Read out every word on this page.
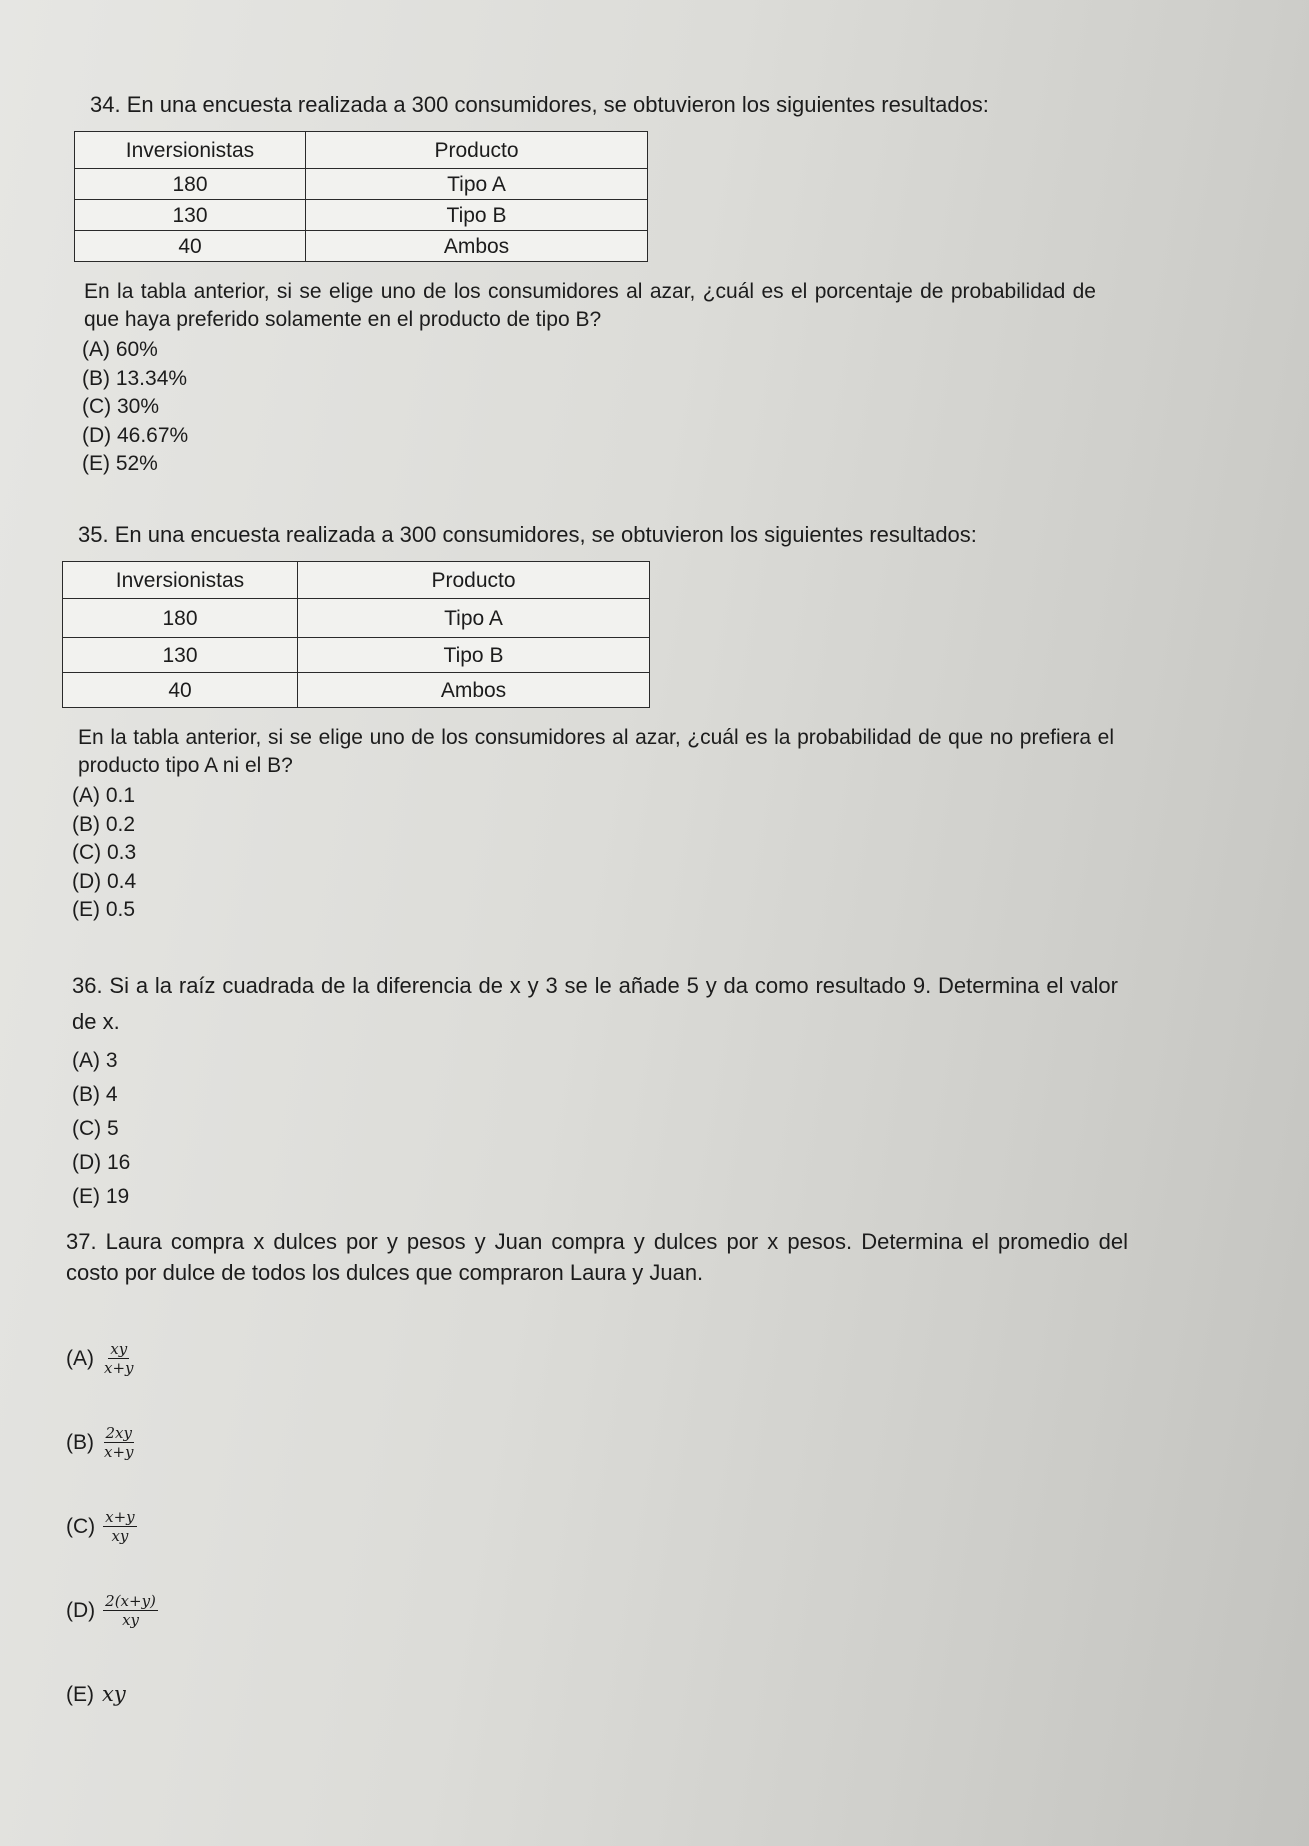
34. En una encuesta realizada a 300 consumidores, se obtuvieron los siguientes resultados:

Inversionistas	Producto
180	Tipo A
130	Tipo B
40	Ambos

En la tabla anterior, si se elige uno de los consumidores al azar, ¿cuál es el porcentaje de probabilidad de que haya preferido solamente en el producto de tipo B?

(A) 60%
(B) 13.34%
(C) 30%
(D) 46.67%
(E) 52%

35. En una encuesta realizada a 300 consumidores, se obtuvieron los siguientes resultados:

Inversionistas	Producto
180	Tipo A
130	Tipo B
40	Ambos

En la tabla anterior, si se elige uno de los consumidores al azar, ¿cuál es la probabilidad de que no prefiera el producto tipo A ni el B?

(A) 0.1
(B) 0.2
(C) 0.3
(D) 0.4
(E) 0.5

36. Si a la raíz cuadrada de la diferencia de x y 3 se le añade 5 y da como resultado 9. Determina el valor de x.

(A) 3
(B) 4
(C) 5
(D) 16
(E) 19

37. Laura compra x dulces por y pesos y Juan compra y dulces por x pesos. Determina el promedio del costo por dulce de todos los dulces que compraron Laura y Juan.

$(A) \frac{xy}{x+y}$
$(B) \frac{2xy}{x+y}$
$(C) \frac{x+y}{xy}$
$(D) \frac{2(x+y)}{xy}$
(E) xy
